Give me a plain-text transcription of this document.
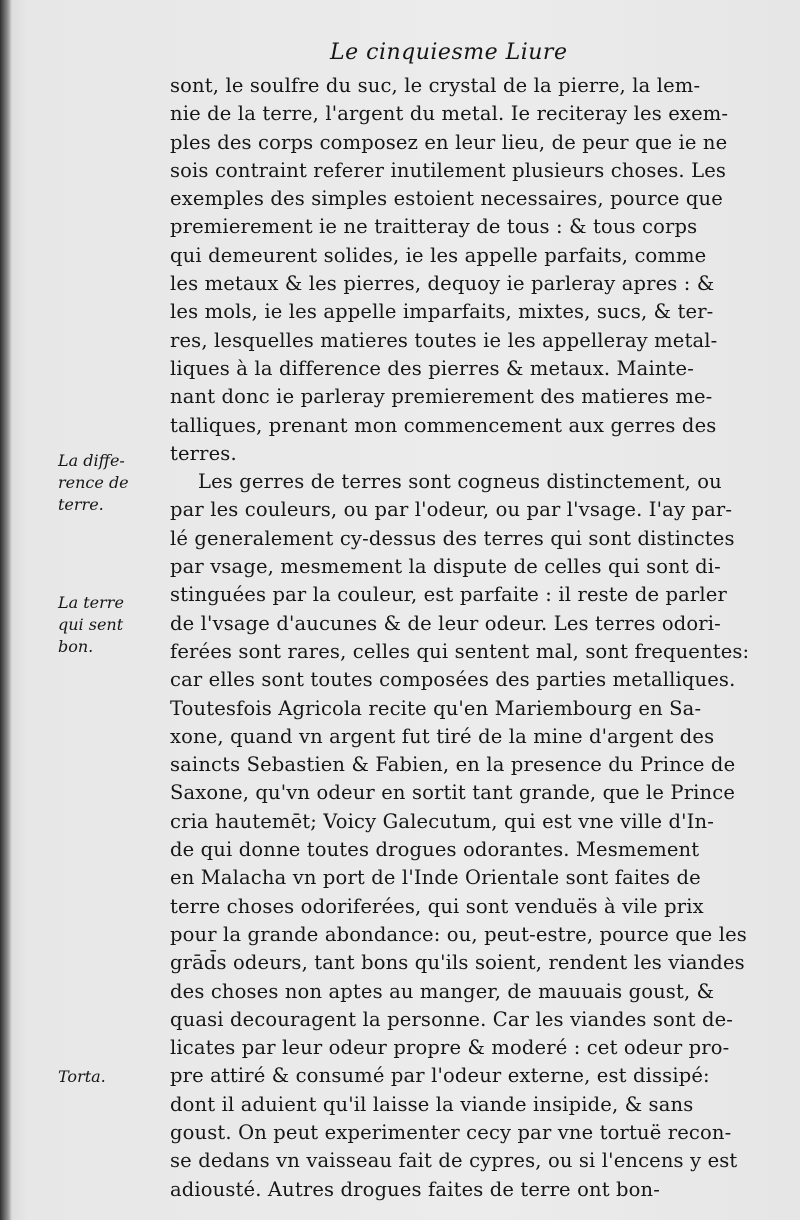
Le cinquiesme Liure
sont, le soulfre du suc, le crystal de la pierre, la lem-
nie de la terre, l'argent du metal. Ie reciteray les exem-
ples des corps composez en leur lieu, de peur que ie ne
sois contraint referer inutilement plusieurs choses. Les
exemples des simples estoient necessaires, pource que
premierement ie ne traitteray de tous : & tous corps
qui demeurent solides, ie les appelle parfaits, comme
les metaux & les pierres, dequoy ie parleray apres : &
les mols, ie les appelle imparfaits, mixtes, sucs, & ter-
res, lesquelles matieres toutes ie les appelleray metal-
liques à la difference des pierres & metaux. Mainte-
nant donc ie parleray premierement des matieres me-
talliques, prenant mon commencement aux gerres des
terres.
Les gerres de terres sont cogneus distinctement, ou
par les couleurs, ou par l'odeur, ou par l'vsage. I'ay par-
lé generalement cy-dessus des terres qui sont distinctes
par vsage, mesmement la dispute de celles qui sont di-
stinguées par la couleur, est parfaite : il reste de parler
de l'vsage d'aucunes & de leur odeur. Les terres odori-
ferées sont rares, celles qui sentent mal, sont frequentes:
car elles sont toutes composées des parties metalliques.
Toutesfois Agricola recite qu'en Mariembourg en Sa-
xone, quand vn argent fut tiré de la mine d'argent des
saincts Sebastien & Fabien, en la presence du Prince de
Saxone, qu'vn odeur en sortit tant grande, que le Prince
cria hautemēt; Voicy Galecutum, qui est vne ville d'In-
de qui donne toutes drogues odorantes. Mesmement
en Malacha vn port de l'Inde Orientale sont faites de
terre choses odoriferées, qui sont venduës à vile prix
pour la grande abondance: ou, peut-estre, pource que les
grād̄s odeurs, tant bons qu'ils soient, rendent les viandes
des choses non aptes au manger, de mauuais goust, &
quasi decouragent la personne. Car les viandes sont de-
licates par leur odeur propre & moderé : cet odeur pro-
pre attiré & consumé par l'odeur externe, est dissipé:
dont il aduient qu'il laisse la viande insipide, & sans
goust. On peut experimenter cecy par vne tortuë recon-
se dedans vn vaisseau fait de cypres, ou si l'encens y est
adiousté. Autres drogues faites de terre ont bon-
La diffe-
rence de
terre.
La terre
qui sent
bon.
Torta.
